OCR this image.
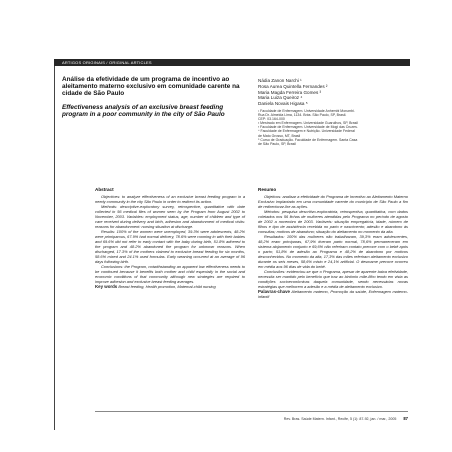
ARTIGOS ORIGINAIS / ORIGINAL ARTICLES
Análise da efetividade de um programa de incentivo ao aleitamento materno exclusivo em comunidade carente na cidade de São Paulo
Effectiveness analysis of an exclusive breast feeding program in a poor community in the city of São Paulo
Nádia Zanon Narchi ¹
Rosa Aurea Quintella Fernandes ²
Maria Magda Ferreira Gomes ³
Maria Luiza Queiroz ⁴
Daniela Novais Higasa ⁵
¹ Faculdade de Enfermagem. Universidade Anhembi Morumbi.
Rua Dr. Almeida Lima, 1134. Brás. São Paulo, SP, Brasil.
CEP: 03.164-000
² Mestrado em Enfermagem. Universidade Guarulhos, SP, Brasil
³ Faculdade de Enfermagem. Universidade de Mogi das Cruzes.
⁴ Faculdade de Enfermagem e Nutrição. Universidade Federal
de Mato Grosso, MT, Brasil
⁵ Curso de Graduação. Faculdade de Enfermagem. Santa Casa
de São Paulo, SP, Brasil
Abstract

Objectives: to analyze effectiveness of an exclusive breast feeding program in a needy community in the city São Paulo in order to redirect its action.

Methods: descriptive-exploratory survey, retrospective, quantitative with date collected in 56 medical files of women seen by the Program from August 2002 to November, 2003. Variables: employment status, age, number of children and type of care received during delivery and birth, adhesion and abandonment of medical visits: reasons for abandonment: nursing situation at discharge.

Results: 100% of the women were unemployed, 39.3% were adolescents, 48.2% were primiparous, 67.9% had normal delivery, 78.6% were rooming in with their babies and 69.6% did not refer to early contact with the baby during birth, 51.8% adhered to the program and 48.2% abandoned the program for unknown reasons. When discharged, 17.3% of the mothers claimed to exclusive breast feeding for six months, 58.6% mixed and 24.1% used formulas. Early weaning occurred at an average of 96 days following birth.

Conclusions: the Program, notwithstanding an apparent low effectiveness needs to be continued because it benefits both mother and child especially in the social and economic conditions of that community although new strategies are required to improve adhesion and exclusive breast feeding averages.

Key words Breast feeding, Health promotion, Maternal-child nursing

Resumo

Objetivos: analisar a efetividade do Programa de Incentivo ao Aleitamento Materno Exclusivo implantado em uma comunidade carente do município de São Paulo a fim de redirecionar-lhe as ações.

Métodos: pesquisa descritivo-exploratória, retrospectiva, quantitativa, com dados coletados nos 56 fichas de mulheres atendidas pelo Programa no período de agosto de 2002 a novembro de 2003. Variáveis: situação empregatícia, idade, número de filhos e tipo de assistência recebida no parto e nascimento; adesão e abandono às consultas; motivos de abandono; situação do aleitamento no momento da alta.

Resultados: 100% das mulheres não trabalhavam, 39,3% eram adolescentes, 48,2% eram primíparas, 67,9% tiveram parto normal, 78,6% permaneceram em sistema alojamento conjunto e 69,6% não referiram contato precoce com o bebê após o parto; 51,8% de adesão ao Programa e 48,2% de abandono por motivos desconhecidos. No momento da alta, 17,3% das mães referiram aleitamento exclusivo durante os seis meses, 58,6% misto e 24,1% artificial. O desmame precoce ocorreu em média aos 96 dias de vida do bebê.

Conclusões: evidenciou-se que o Programa, apesar de aparente baixa efetividade, necessita ser mantido pelo benefício que traz ao binômio mãe-filho tendo em vista as condições socioeconômicas daquela comunidade, sendo necessárias novas estratégias que melhorem a adesão e a média de aleitamento exclusivo.

Palavras-chave Aleitamento materno, Promoção da saúde, Enfermagem materno-infantil

Rev. Bras. Saúde Matern. Infant., Recife, 5 (1): 87-92, jan. / mar., 2005 87
